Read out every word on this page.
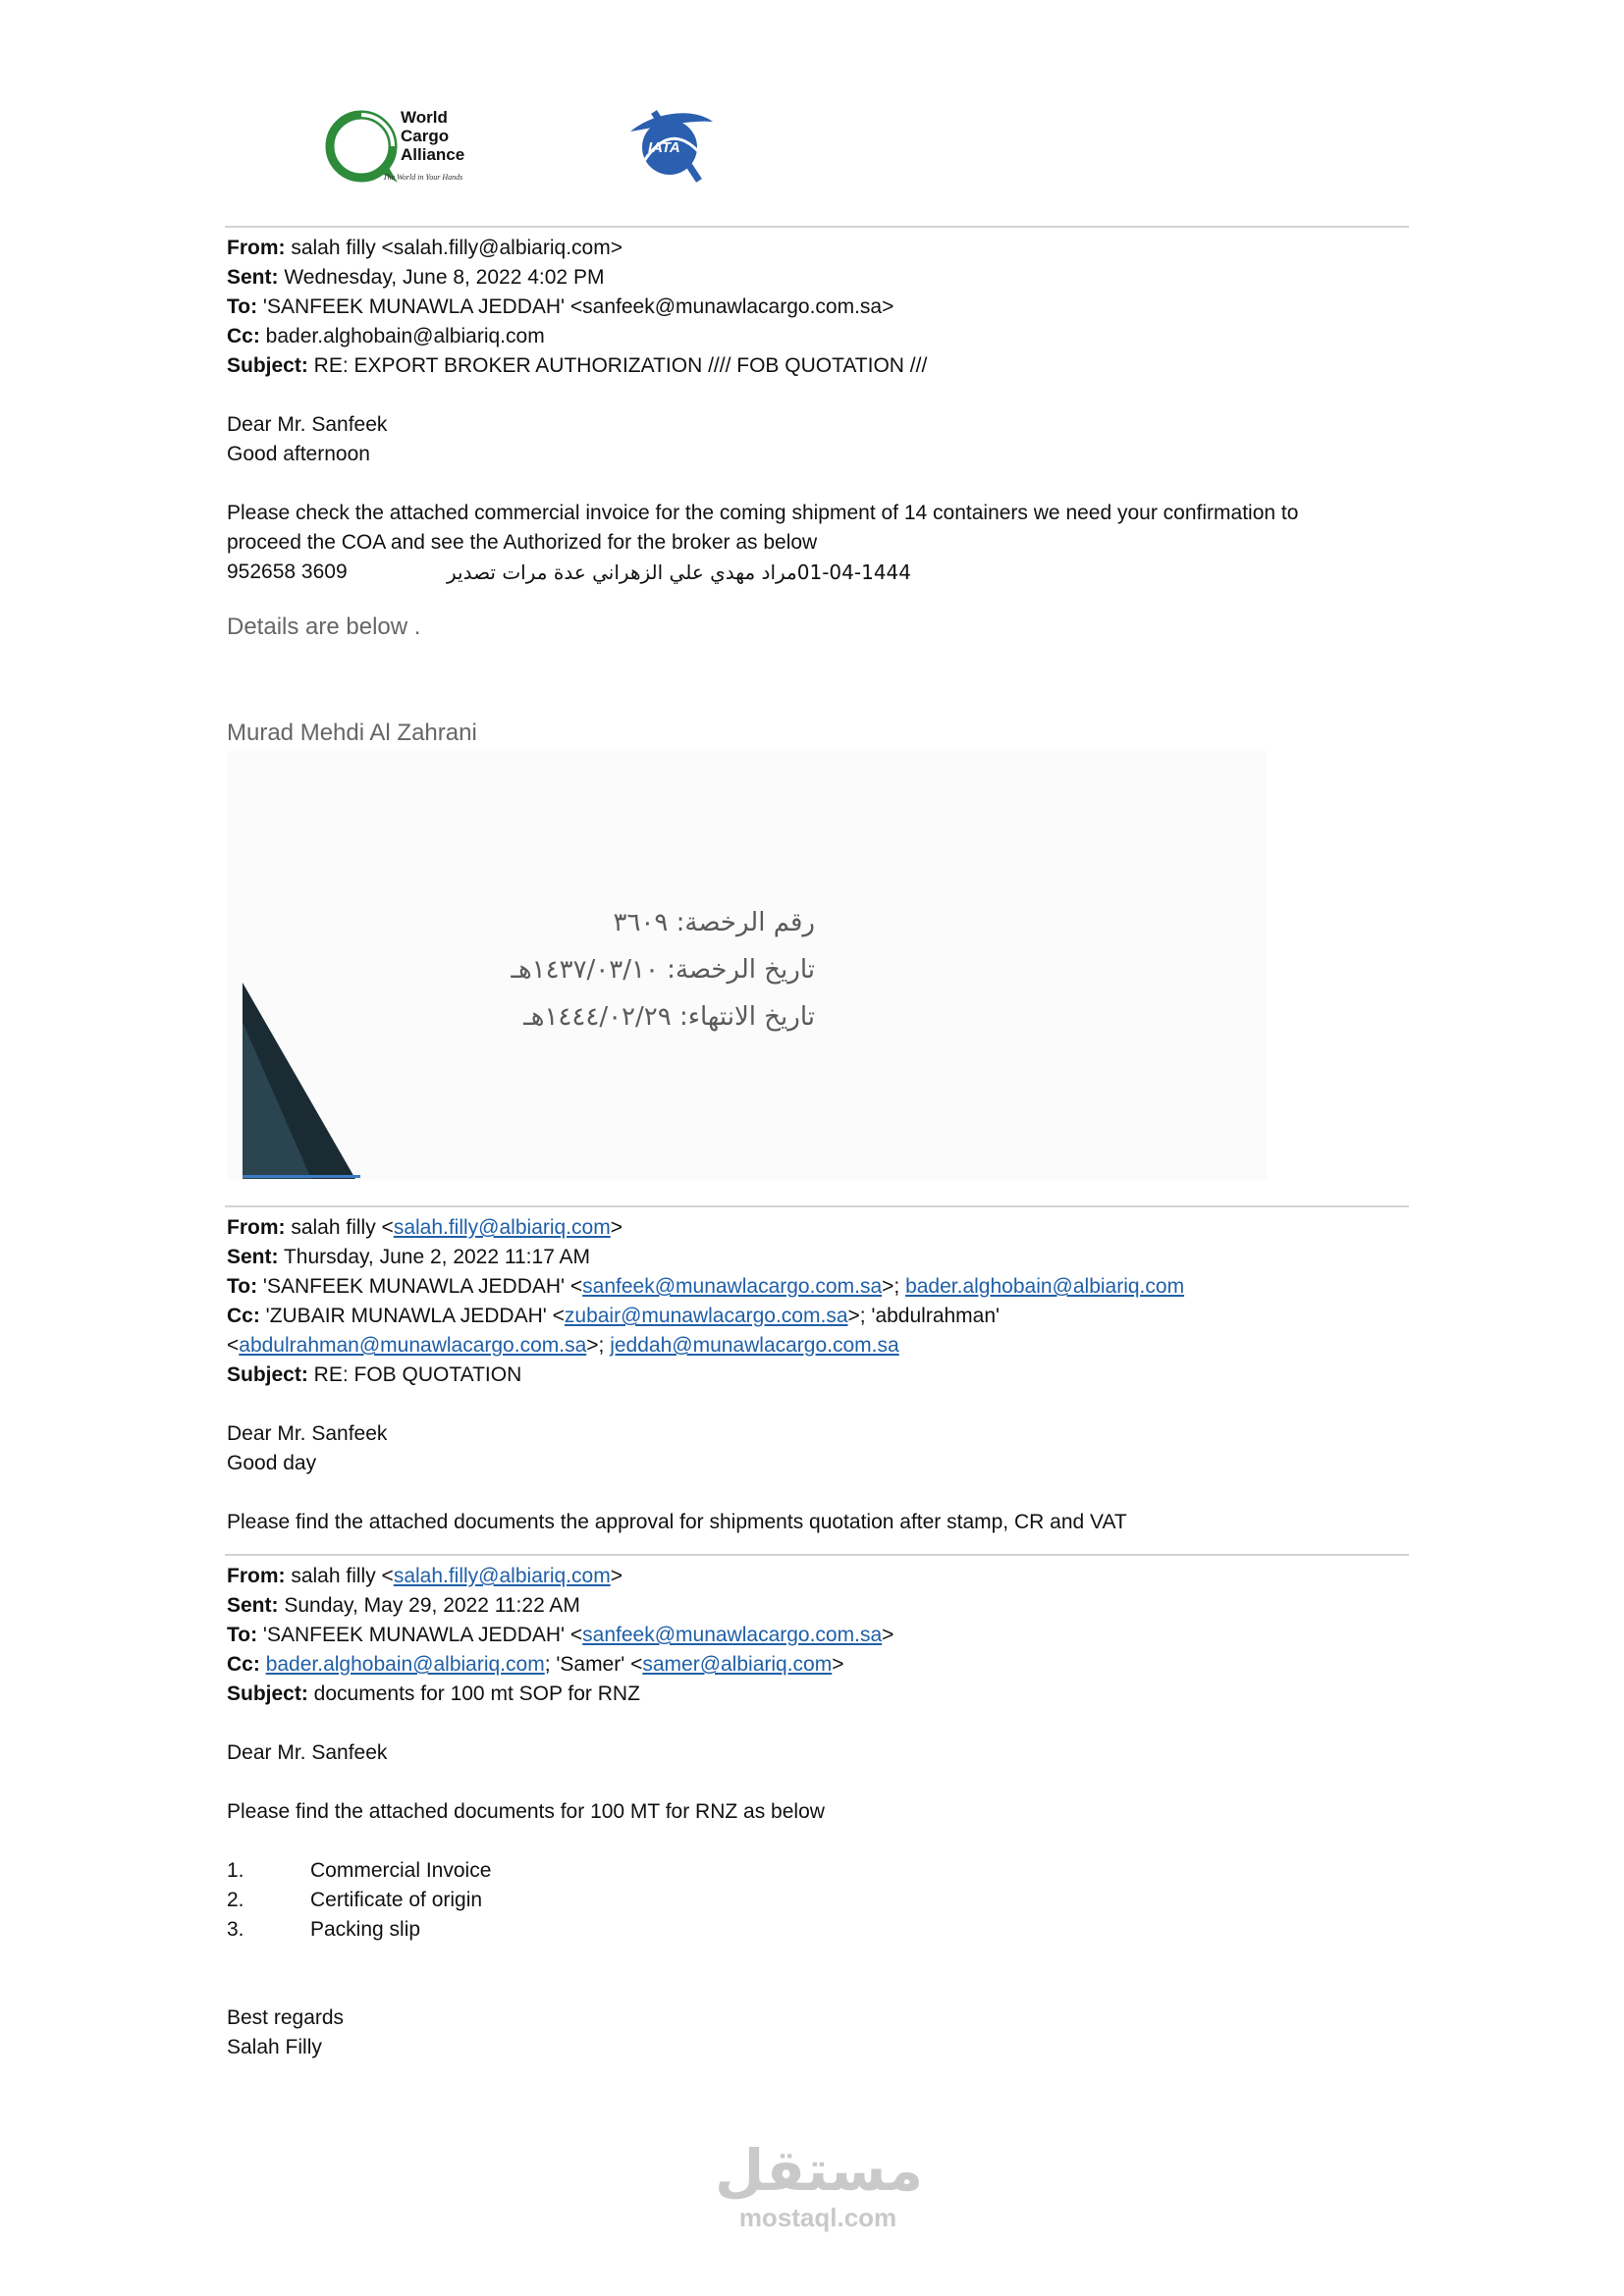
World
Cargo
Alliance
The World in Your Hands
IATA
From: salah filly <salah.filly@albiariq.com>
Sent: Wednesday, June 8, 2022 4:02 PM
To: 'SANFEEK MUNAWLA JEDDAH' <sanfeek@munawlacargo.com.sa>
Cc: bader.alghobain@albiariq.com
Subject: RE: EXPORT BROKER AUTHORIZATION //// FOB QUOTATION ///
Dear Mr. Sanfeek
Good afternoon
Please check the attached commercial invoice for the coming shipment of 14 containers we need your confirmation to
proceed the COA and see the Authorized for the broker as below
952658 3609	01-04-1444مراد مهدي علي الزهراني عدة مرات تصدير
Details are below .
Murad Mehdi Al Zahrani
رقم الرخصة: ٣٦٠٩
تاريخ الرخصة: ١٤٣٧/٠٣/١٠هـ
تاريخ الانتهاء: ١٤٤٤/٠٢/٢٩هـ
From: salah filly <salah.filly@albiariq.com>
Sent: Thursday, June 2, 2022 11:17 AM
To: 'SANFEEK MUNAWLA JEDDAH' <sanfeek@munawlacargo.com.sa>; bader.alghobain@albiariq.com
Cc: 'ZUBAIR MUNAWLA JEDDAH' <zubair@munawlacargo.com.sa>; 'abdulrahman'
<abdulrahman@munawlacargo.com.sa>; jeddah@munawlacargo.com.sa
Subject: RE: FOB QUOTATION
Dear Mr. Sanfeek
Good day
Please find the attached documents the approval for shipments quotation after stamp, CR and VAT
From: salah filly <salah.filly@albiariq.com>
Sent: Sunday, May 29, 2022 11:22 AM
To: 'SANFEEK MUNAWLA JEDDAH' <sanfeek@munawlacargo.com.sa>
Cc: bader.alghobain@albiariq.com; 'Samer' <samer@albiariq.com>
Subject: documents for 100 mt SOP for RNZ
Dear Mr. Sanfeek
Please find the attached documents for 100 MT for RNZ as below
1.	Commercial Invoice
2.	Certificate of origin
3.	Packing slip
Best regards
Salah Filly
مستقل
mostaql.com
